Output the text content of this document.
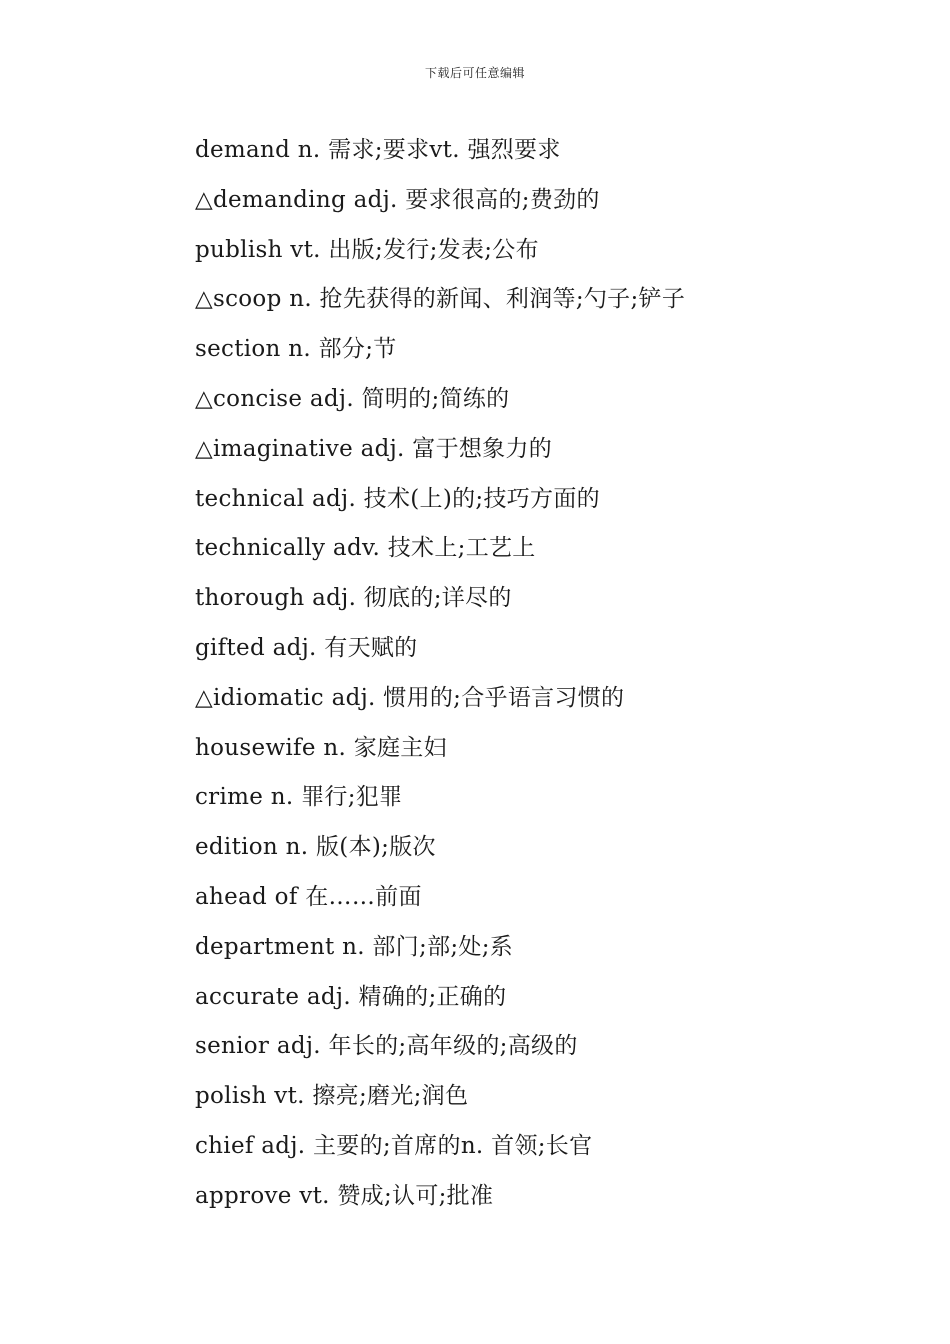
下载后可任意编辑
demand n. 需求;要求vt. 强烈要求
△demanding adj. 要求很高的;费劲的
publish vt. 出版;发行;发表;公布
△scoop n. 抢先获得的新闻、利润等;勺子;铲子
section n. 部分;节
△concise adj. 简明的;简练的
△imaginative adj. 富于想象力的
technical adj. 技术(上)的;技巧方面的
technically adv. 技术上;工艺上
thorough adj. 彻底的;详尽的
gifted adj. 有天赋的
△idiomatic adj. 惯用的;合乎语言习惯的
housewife n. 家庭主妇
crime n. 罪行;犯罪
edition n. 版(本);版次
ahead of 在……前面
department n. 部门;部;处;系
accurate adj. 精确的;正确的
senior adj. 年长的;高年级的;高级的
polish vt. 擦亮;磨光;润色
chief adj. 主要的;首席的n. 首领;长官
approve vt. 赞成;认可;批准
